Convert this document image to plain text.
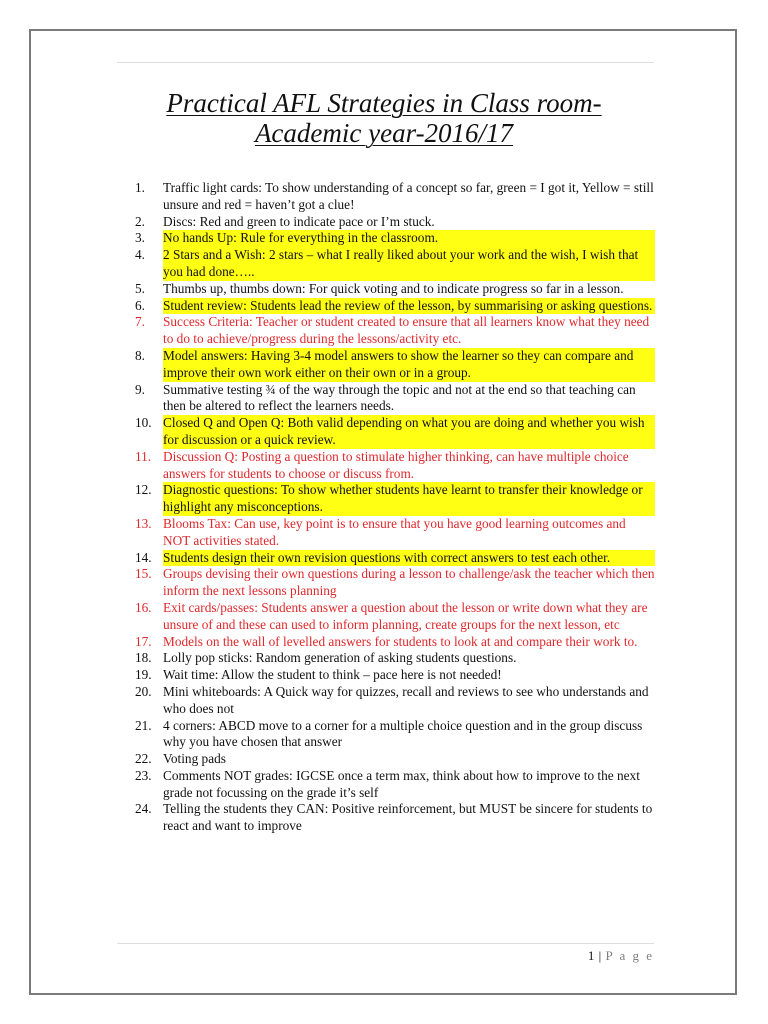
Practical AFL Strategies in Class room-
Academic year-2016/17
1.	Traffic light cards: To show understanding of a concept so far, green = I got it, Yellow = still unsure and red = haven’t got a clue!
2.	Discs: Red and green to indicate pace or I’m stuck.
3.	No hands Up: Rule for everything in the classroom.
4.	2 Stars and a Wish: 2 stars – what I really liked about your work and the wish, I wish that you had done…..
5.	Thumbs up, thumbs down: For quick voting and to indicate progress so far in a lesson.
6.	Student review: Students lead the review of the lesson, by summarising or asking questions.
7.	Success Criteria: Teacher or student created to ensure that all learners know what they need to do to achieve/progress during the lessons/activity etc.
8.	Model answers: Having 3-4 model answers to show the learner so they can compare and improve their own work either on their own or in a group.
9.	Summative testing ¾ of the way through the topic and not at the end so that teaching can then be altered to reflect the learners needs.
10. Closed Q and Open Q: Both valid depending on what you are doing and whether you wish for discussion or a quick review.
11. Discussion Q: Posting a question to stimulate higher thinking, can have multiple choice answers for students to choose or discuss from.
12. Diagnostic questions: To show whether students have learnt to transfer their knowledge or highlight any misconceptions.
13. Blooms Tax: Can use, key point is to ensure that you have good learning outcomes and NOT activities stated.
14. Students design their own revision questions with correct answers to test each other.
15. Groups devising their own questions during a lesson to challenge/ask the teacher which then inform the next lessons planning
16. Exit cards/passes: Students answer a question about the lesson or write down what they are unsure of and these can used to inform planning, create groups for the next lesson, etc
17. Models on the wall of levelled answers for students to look at and compare their work to.
18. Lolly pop sticks: Random generation of asking students questions.
19. Wait time: Allow the student to think – pace here is not needed!
20. Mini whiteboards: A Quick way for quizzes, recall and reviews to see who understands and who does not
21. 4 corners: ABCD move to a corner for a multiple choice question and in the group discuss why you have chosen that answer
22. Voting pads
23. Comments NOT grades: IGCSE once a term max, think about how to improve to the next grade not focussing on the grade it’s self
24. Telling the students they CAN: Positive reinforcement, but MUST be sincere for students to react and want to improve
1 | P a g e
